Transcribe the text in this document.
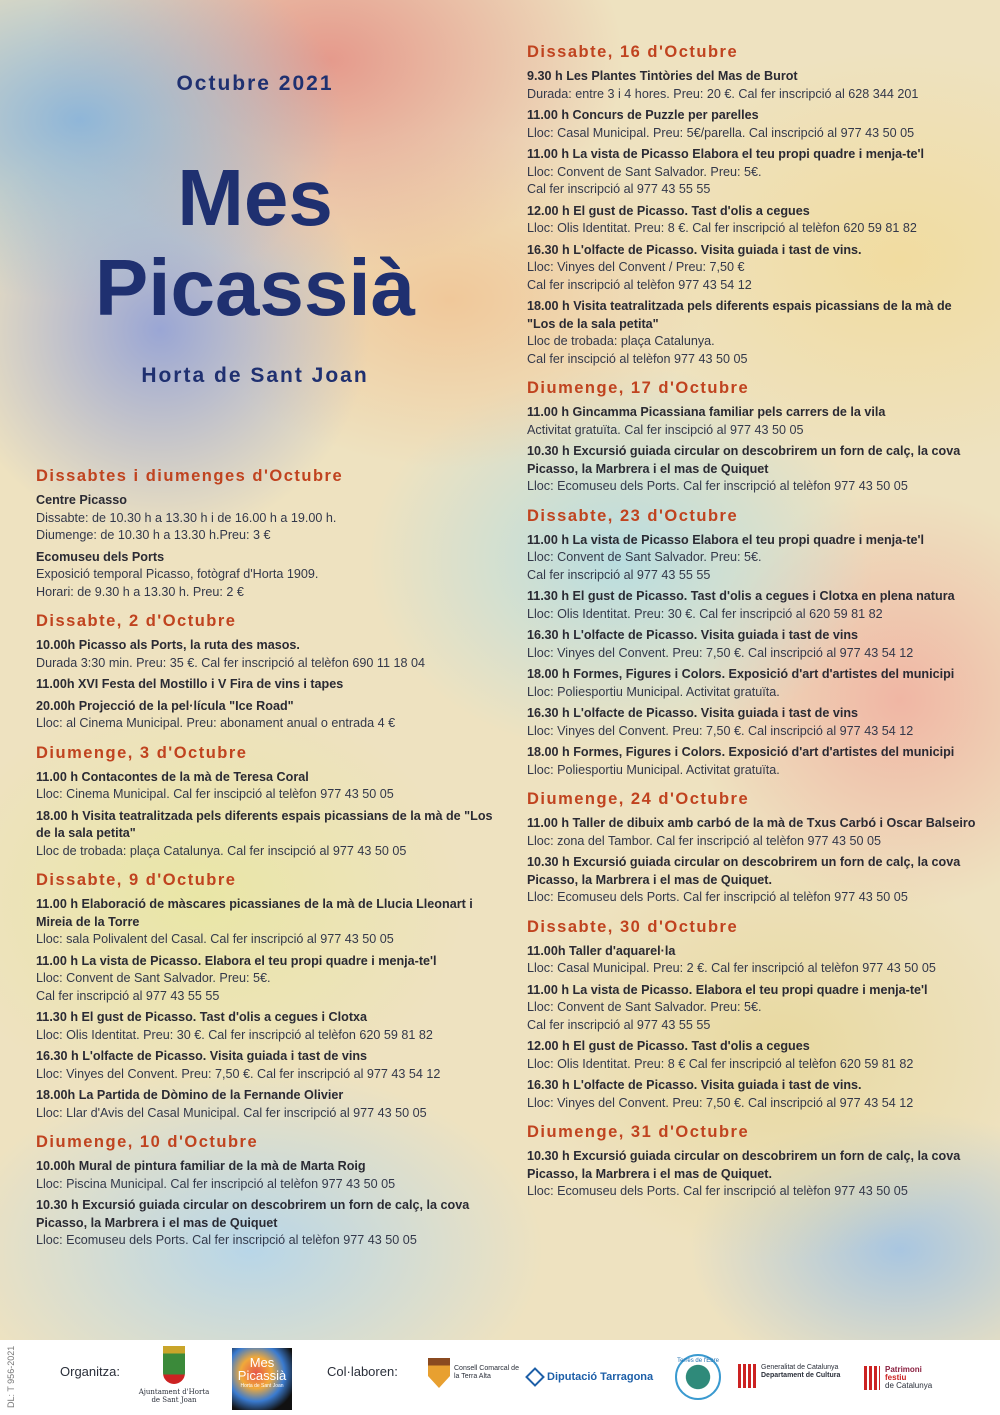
Octubre 2021
Mes
Picassià
Horta de Sant Joan
Dissabtes i diumenges d'Octubre
Centre Picasso
Dissabte: de 10.30 h a 13.30 h i de 16.00 h a 19.00 h.
Diumenge: de 10.30 h a 13.30 h.Preu: 3 €
Ecomuseu dels Ports
Exposició temporal Picasso, fotògraf d'Horta 1909.
Horari: de 9.30 h a 13.30 h. Preu: 2 €
Dissabte, 2 d'Octubre
10.00h Picasso als Ports, la ruta des masos.
Durada 3:30 min. Preu: 35 €. Cal fer inscripció al telèfon 690 11 18 04
11.00h XVI Festa del Mostillo i V Fira de vins i tapes
20.00h Projecció de la pel·lícula "Ice Road"
Lloc: al Cinema Municipal. Preu: abonament anual o entrada 4 €
Diumenge, 3 d'Octubre
11.00 h Contacontes de la mà de Teresa Coral
Lloc: Cinema Municipal. Cal fer inscipció al telèfon 977 43 50 05
18.00 h Visita teatralitzada pels diferents espais picassians de la mà de "Los de la sala petita"
Lloc de trobada: plaça Catalunya. Cal fer inscipció al 977 43 50 05
Dissabte, 9 d'Octubre
11.00 h Elaboració de màscares picassianes de la mà de Llucia Lleonart i Mireia de la Torre
Lloc: sala Polivalent del Casal. Cal fer inscripció al 977 43 50 05
11.00 h La vista de Picasso. Elabora el teu propi quadre i menja-te'l
Lloc: Convent de Sant Salvador. Preu: 5€.
Cal fer inscripció al 977 43 55 55
11.30 h El gust de Picasso. Tast d'olis a cegues i Clotxa
Lloc: Olis Identitat. Preu: 30 €. Cal fer inscripció al telèfon 620 59 81 82
16.30 h L'olfacte de Picasso. Visita guiada i tast de vins
Lloc: Vinyes del Convent. Preu: 7,50 €. Cal fer inscripció al 977 43 54 12
18.00h La Partida de Dòmino de la Fernande Olivier
Lloc: Llar d'Avis del Casal Municipal. Cal fer inscripció al 977 43 50 05
Diumenge, 10 d'Octubre
10.00h Mural de pintura familiar de la mà de Marta Roig
Lloc: Piscina Municipal. Cal fer inscripció al telèfon 977 43 50 05
10.30 h Excursió guiada circular on descobrirem un forn de calç, la cova Picasso, la Marbrera i el mas de Quiquet
Lloc: Ecomuseu dels Ports. Cal fer inscripció al telèfon 977 43 50 05
Dissabte, 16 d'Octubre
9.30 h Les Plantes Tintòries del Mas de Burot
Durada: entre 3 i 4 hores. Preu: 20 €. Cal fer inscripció al 628 344 201
11.00 h Concurs de Puzzle per parelles
Lloc: Casal Municipal. Preu: 5€/parella. Cal inscripció al 977 43 50 05
11.00 h La vista de Picasso Elabora el teu propi quadre i menja-te'l
Lloc: Convent de Sant Salvador. Preu: 5€.
Cal fer inscripció al 977 43 55 55
12.00 h El gust de Picasso. Tast d'olis a cegues
Lloc: Olis Identitat. Preu: 8 €. Cal fer inscripció al telèfon 620 59 81 82
16.30 h L'olfacte de Picasso. Visita guiada i tast de vins.
Lloc: Vinyes del Convent / Preu: 7,50 €
Cal fer inscripció al telèfon 977 43 54 12
18.00 h Visita teatralitzada pels diferents espais picassians de la mà de "Los de la sala petita"
Lloc de trobada: plaça Catalunya.
Cal fer inscipció al telèfon 977 43 50 05
Diumenge, 17 d'Octubre
11.00 h Gincamma Picassiana familiar pels carrers de la vila
Activitat gratuïta. Cal fer inscipció al 977 43 50 05
10.30 h Excursió guiada circular on descobrirem un forn de calç, la cova Picasso, la Marbrera i el mas de Quiquet
Lloc: Ecomuseu dels Ports. Cal fer inscripció al telèfon 977 43 50 05
Dissabte, 23 d'Octubre
11.00 h La vista de Picasso Elabora el teu propi quadre i menja-te'l
Lloc: Convent de Sant Salvador. Preu: 5€.
Cal fer inscripció al 977 43 55 55
11.30 h El gust de Picasso. Tast d'olis a cegues i Clotxa en plena natura
Lloc: Olis Identitat. Preu: 30 €. Cal fer inscripció al 620 59 81 82
16.30 h L'olfacte de Picasso. Visita guiada i tast de vins
Lloc: Vinyes del Convent. Preu: 7,50 €. Cal inscripció al 977 43 54 12
18.00 h Formes, Figures i Colors. Exposició d'art d'artistes del municipi
Lloc: Poliesportiu Municipal. Activitat gratuïta.
16.30 h L'olfacte de Picasso. Visita guiada i tast de vins
Lloc: Vinyes del Convent. Preu: 7,50 €. Cal inscripció al 977 43 54 12
18.00 h Formes, Figures i Colors. Exposició d'art d'artistes del municipi
Lloc: Poliesportiu Municipal. Activitat gratuïta.
Diumenge, 24 d'Octubre
11.00 h Taller de dibuix amb carbó de la mà de Txus Carbó i Oscar Balseiro
Lloc: zona del Tambor. Cal fer inscripció al telèfon 977 43 50 05
10.30 h Excursió guiada circular on descobrirem un forn de calç, la cova Picasso, la Marbrera i el mas de Quiquet.
Lloc: Ecomuseu dels Ports. Cal fer inscripció al telèfon 977 43 50 05
Dissabte, 30 d'Octubre
11.00h Taller d'aquarel·la
Lloc: Casal Municipal. Preu: 2 €. Cal fer inscripció al telèfon 977 43 50 05
11.00 h La vista de Picasso. Elabora el teu propi quadre i menja-te'l
Lloc: Convent de Sant Salvador. Preu: 5€.
Cal fer inscripció al 977 43 55 55
12.00 h El gust de Picasso. Tast d'olis a cegues
Lloc: Olis Identitat. Preu: 8 € Cal fer inscripció al telèfon 620 59 81 82
16.30 h L'olfacte de Picasso. Visita guiada i tast de vins.
Lloc: Vinyes del Convent. Preu: 7,50 €. Cal inscripció al 977 43 54 12
Diumenge, 31 d'Octubre
10.30 h Excursió guiada circular on descobrirem un forn de calç, la cova Picasso, la Marbrera i el mas de Quiquet.
Lloc: Ecomuseu dels Ports. Cal fer inscripció al telèfon 977 43 50 05
DL: T 956-2021	Organitza:
Ajuntament d'Horta de Sant Joan
Mes
Picassià
Horta de Sant Joan
Col·laboren:	Consell Comarcal de la Terra Alta	Diputació Tarragona
Terres de l'Ebre
Generalitat de Catalunya
Departament de Cultura
Patrimoni
festiu
de Catalunya
